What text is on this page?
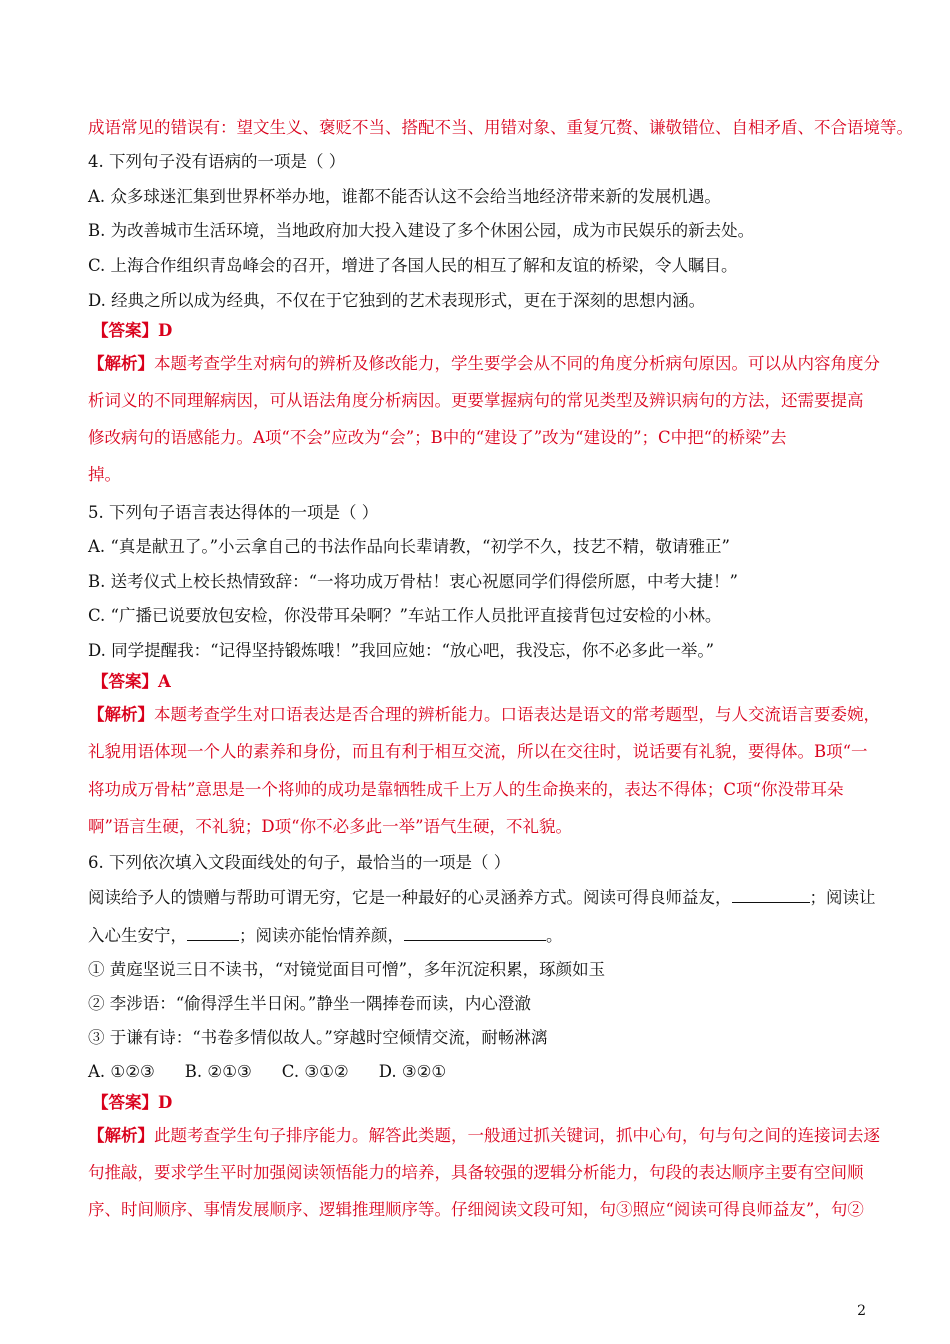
成语常见的错误有：望文生义、褒贬不当、搭配不当、用错对象、重复冗赘、谦敬错位、自相矛盾、不合语境等。
4. 下列句子没有语病的一项是（ ）
A. 众多球迷汇集到世界杯举办地，谁都不能否认这不会给当地经济带来新的发展机遇。
B. 为改善城市生活环境，当地政府加大投入建设了多个休困公园，成为市民娱乐的新去处。
C. 上海合作组织青岛峰会的召开，增进了各国人民的相互了解和友谊的桥梁，令人瞩目。
D. 经典之所以成为经典，不仅在于它独到的艺术表现形式，更在于深刻的思想内涵。
【答案】D
【解析】本题考查学生对病句的辨析及修改能力，学生要学会从不同的角度分析病句原因。可以从内容角度分
析词义的不同理解病因，可从语法角度分析病因。更要掌握病句的常见类型及辨识病句的方法，还需要提高
修改病句的语感能力。A项“不会”应改为“会”；B中的“建设了”改为“建设的”；C中把“的桥梁”去
掉。
5. 下列句子语言表达得体的一项是（ ）
A. “真是献丑了。”小云拿自己的书法作品向长辈请教，“初学不久，技艺不精，敬请雅正”
B. 送考仪式上校长热情致辞：“一将功成万骨枯！衷心祝愿同学们得偿所愿，中考大捷！”
C. “广播已说要放包安检，你没带耳朵啊？”车站工作人员批评直接背包过安检的小林。
D. 同学提醒我：“记得坚持锻炼哦！”我回应她：“放心吧，我没忘，你不必多此一举。”
【答案】A
【解析】本题考查学生对口语表达是否合理的辨析能力。口语表达是语文的常考题型，与人交流语言要委婉，
礼貌用语体现一个人的素养和身份，而且有利于相互交流，所以在交往时，说话要有礼貌，要得体。B项“一
将功成万骨枯”意思是一个将帅的成功是靠牺牲成千上万人的生命换来的，表达不得体；C项“你没带耳朵
啊”语言生硬，不礼貌；D项“你不必多此一举”语气生硬，不礼貌。
6. 下列依次填入文段面线处的句子，最恰当的一项是（ ）
阅读给予人的馈赠与帮助可谓无穷，它是一种最好的心灵涵养方式。阅读可得良师益友，	；阅读让
入心生安宁，	；阅读亦能怡情养颜，	。
① 黄庭坚说三日不读书，“对镜觉面目可憎”，多年沉淀积累，琢颜如玉
② 李涉语：“偷得浮生半日闲。”静坐一隅捧卷而读，内心澄澈
③ 于谦有诗：“书卷多情似故人。”穿越时空倾情交流，耐畅淋漓
A. ①②③ B. ②①③ C. ③①② D. ③②①
【答案】D
【解析】此题考查学生句子排序能力。解答此类题，一般通过抓关键词，抓中心句，句与句之间的连接词去逐
句推敲，要求学生平时加强阅读领悟能力的培养，具备较强的逻辑分析能力，句段的表达顺序主要有空间顺
序、时间顺序、事情发展顺序、逻辑推理顺序等。仔细阅读文段可知，句③照应“阅读可得良师益友”，句②
2
